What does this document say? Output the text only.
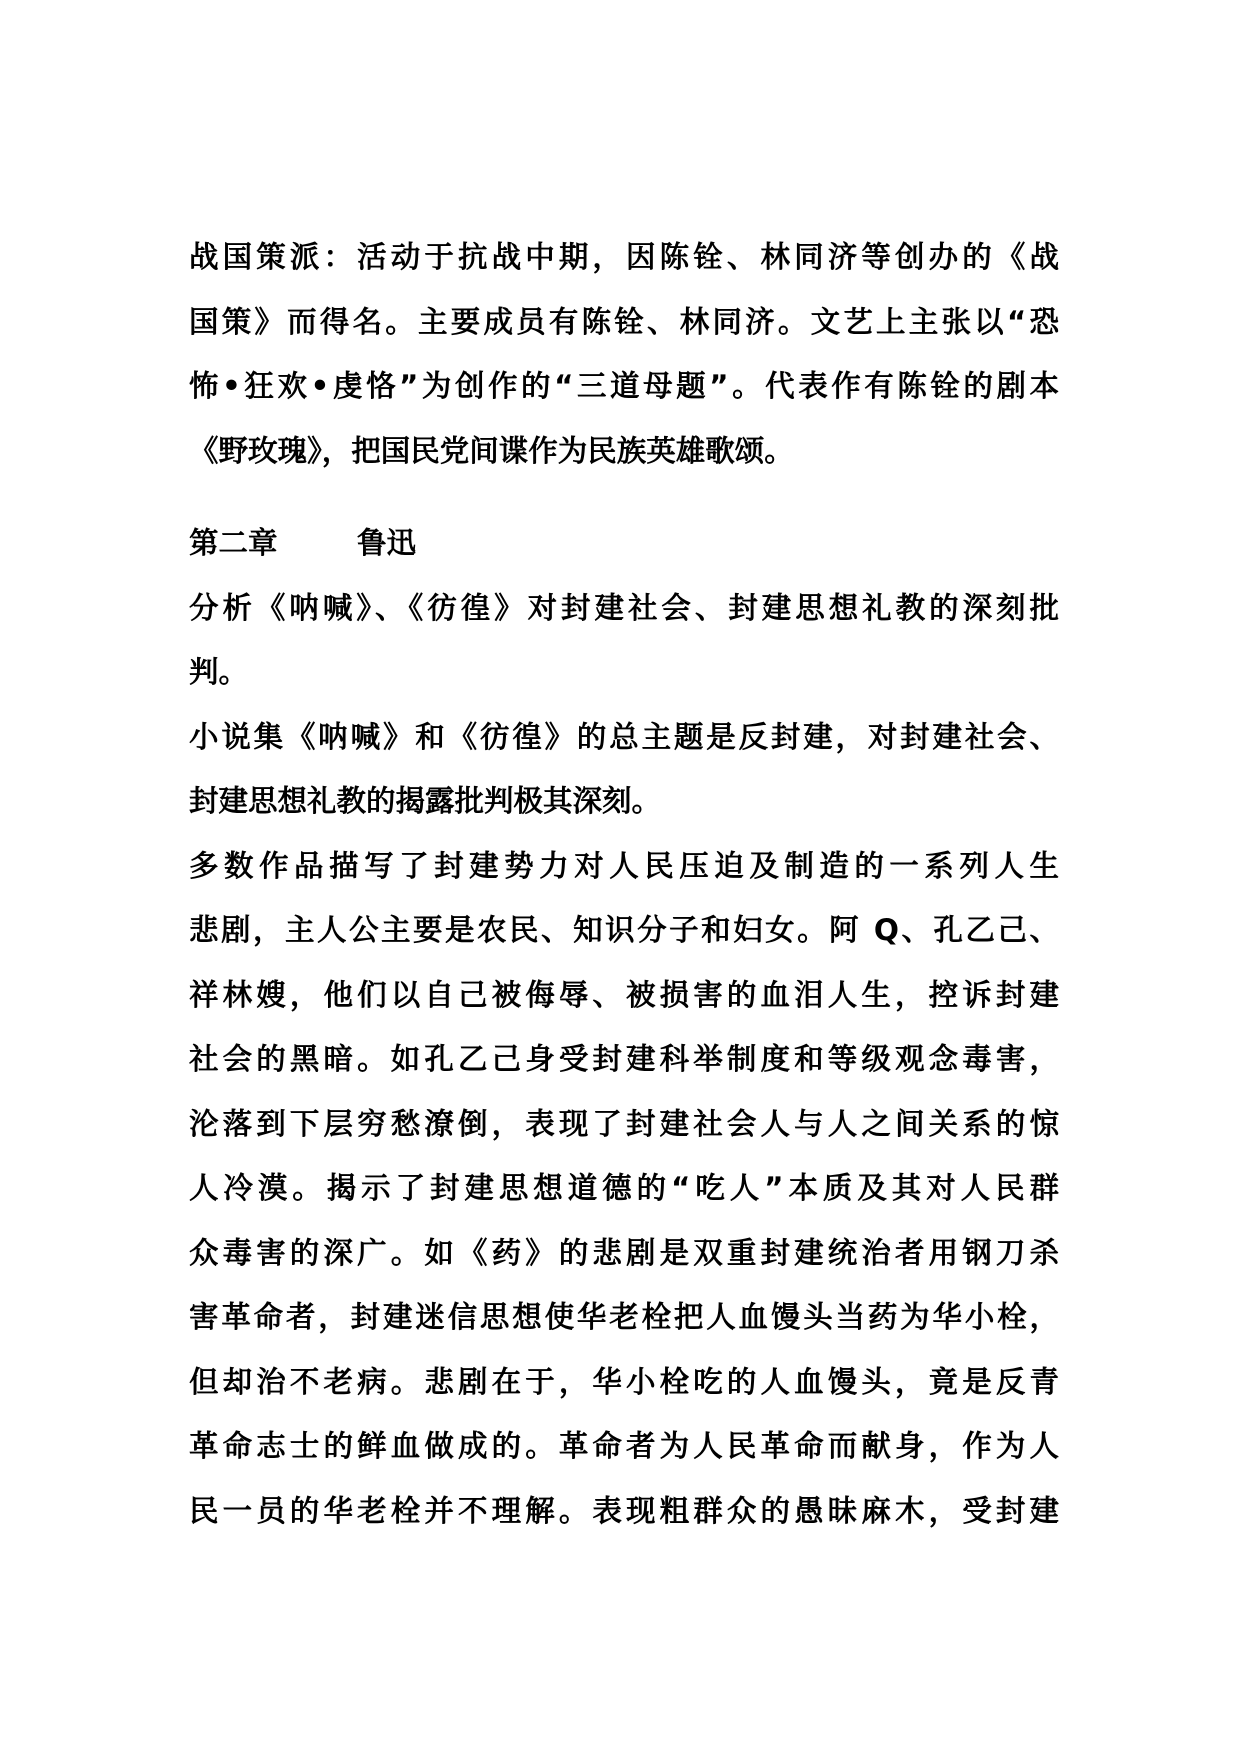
战国策派：活动于抗战中期，因陈铨、林同济等创办的《战
国策》而得名。主要成员有陈铨、林同济。文艺上主张以“恐
怖•狂欢•虔恪”为创作的“三道母题”。代表作有陈铨的剧本
《野玫瑰》，把国民党间谍作为民族英雄歌颂。
第二章	鲁迅
分析《呐喊》、《彷徨》对封建社会、封建思想礼教的深刻批
判。
小说集《呐喊》和《彷徨》的总主题是反封建，对封建社会、
封建思想礼教的揭露批判极其深刻。
多数作品描写了封建势力对人民压迫及制造的一系列人生
悲剧，主人公主要是农民、知识分子和妇女。阿 Q、孔乙己、
祥林嫂，他们以自己被侮辱、被损害的血泪人生，控诉封建
社会的黑暗。如孔乙己身受封建科举制度和等级观念毒害，
沦落到下层穷愁潦倒，表现了封建社会人与人之间关系的惊
人冷漠。揭示了封建思想道德的“吃人”本质及其对人民群
众毒害的深广。如《药》的悲剧是双重封建统治者用钢刀杀
害革命者，封建迷信思想使华老栓把人血馒头当药为华小栓，
但却治不老病。悲剧在于，华小栓吃的人血馒头，竟是反青
革命志士的鲜血做成的。革命者为人民革命而献身，作为人
民一员的华老栓并不理解。表现粗群众的愚昧麻木，受封建
